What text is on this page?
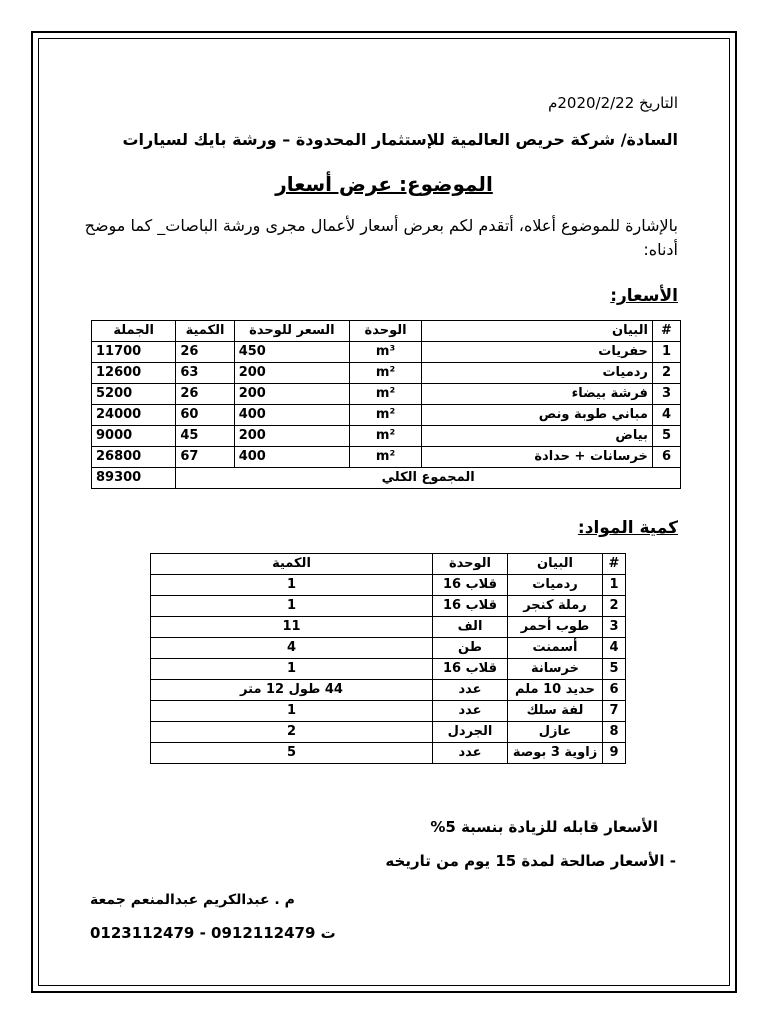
التاريخ 2020/2/22م
السادة/ شركة حريص العالمية للإستثمار المحدودة – ورشة بايك لسيارات
الموضوع: عرض أسعار
بالإشارة للموضوع أعلاه، أتقدم لكم بعرض أسعار لأعمال مجرى ورشة الباصات_ كما موضح أدناه:
الأسعار:
#	البيان	الوحدة	السعر للوحدة	الكمية	الجملة
1	حفريات	m³	450	26	11700
2	ردميات	m²	200	63	12600
3	فرشة بيضاء	m²	200	26	5200
4	مباني طوبة ونص	m²	400	60	24000
5	بياض	m²	200	45	9000
6	خرسانات + حدادة	m²	400	67	26800
المجموع الكلي					89300
كمية المواد:
#	البيان	الوحدة	الكمية
1	ردميات	قلاب 16	1
2	رملة كنجر	قلاب 16	1
3	طوب أحمر	الف	11
4	أسمنت	طن	4
5	خرسانة	قلاب 16	1
6	حديد 10 ملم	عدد	44 طول 12 متر
7	لفة سلك	عدد	1
8	عازل	الجردل	2
9	زاوية 3 بوصة	عدد	5
الأسعار قابله للزيادة بنسبة 5%
- الأسعار صالحة لمدة 15 يوم من تاريخه
م . عبدالكريم عبدالمنعم جمعة
ت 0912112479 - 0123112479
